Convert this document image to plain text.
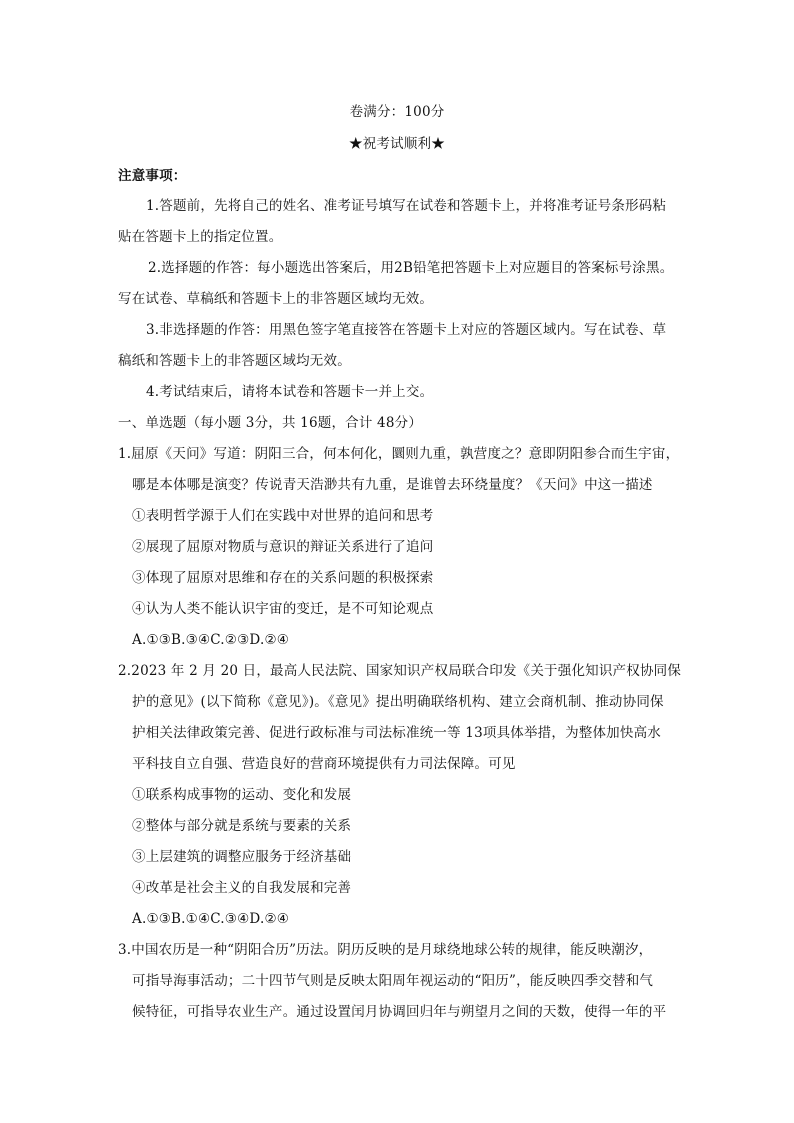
卷满分：100分
★祝考试顺利★
注意事项：
1.答题前，先将自己的姓名、准考证号填写在试卷和答题卡上，并将准考证号条形码粘
贴在答题卡上的指定位置。
2.选择题的作答：每小题选出答案后，用2B铅笔把答题卡上对应题目的答案标号涂黑。
写在试卷、草稿纸和答题卡上的非答题区域均无效。
3.非选择题的作答：用黑色签字笔直接答在答题卡上对应的答题区域内。写在试卷、草
稿纸和答题卡上的非答题区域均无效。
4.考试结束后，请将本试卷和答题卡一并上交。
一、单选题（每小题 3分，共 16题，合计 48分）
1.屈原《天问》写道：阴阳三合，何本何化，圜则九重，孰营度之？意即阴阳参合而生宇宙，
哪是本体哪是演变？传说青天浩渺共有九重，是谁曾去环绕量度？《天问》中这一描述
①表明哲学源于人们在实践中对世界的追问和思考
②展现了屈原对物质与意识的辩证关系进行了追问
③体现了屈原对思维和存在的关系问题的积极探索
④认为人类不能认识宇宙的变迁，是不可知论观点
A.①③B.③④C.②③D.②④
2.2023 年 2 月 20 日，最高人民法院、国家知识产权局联合印发《关于强化知识产权协同保
护的意见》(以下简称《意见》)。《意见》提出明确联络机构、建立会商机制、推动协同保
护相关法律政策完善、促进行政标准与司法标准统一等 13项具体举措，为整体加快高水
平科技自立自强、营造良好的营商环境提供有力司法保障。可见
①联系构成事物的运动、变化和发展
②整体与部分就是系统与要素的关系
③上层建筑的调整应服务于经济基础
④改革是社会主义的自我发展和完善
A.①③B.①④C.③④D.②④
3.中国农历是一种“阴阳合历”历法。阴历反映的是月球绕地球公转的规律，能反映潮汐，
可指导海事活动；二十四节气则是反映太阳周年视运动的“阳历”，能反映四季交替和气
候特征，可指导农业生产。通过设置闰月协调回归年与朔望月之间的天数，使得一年的平
